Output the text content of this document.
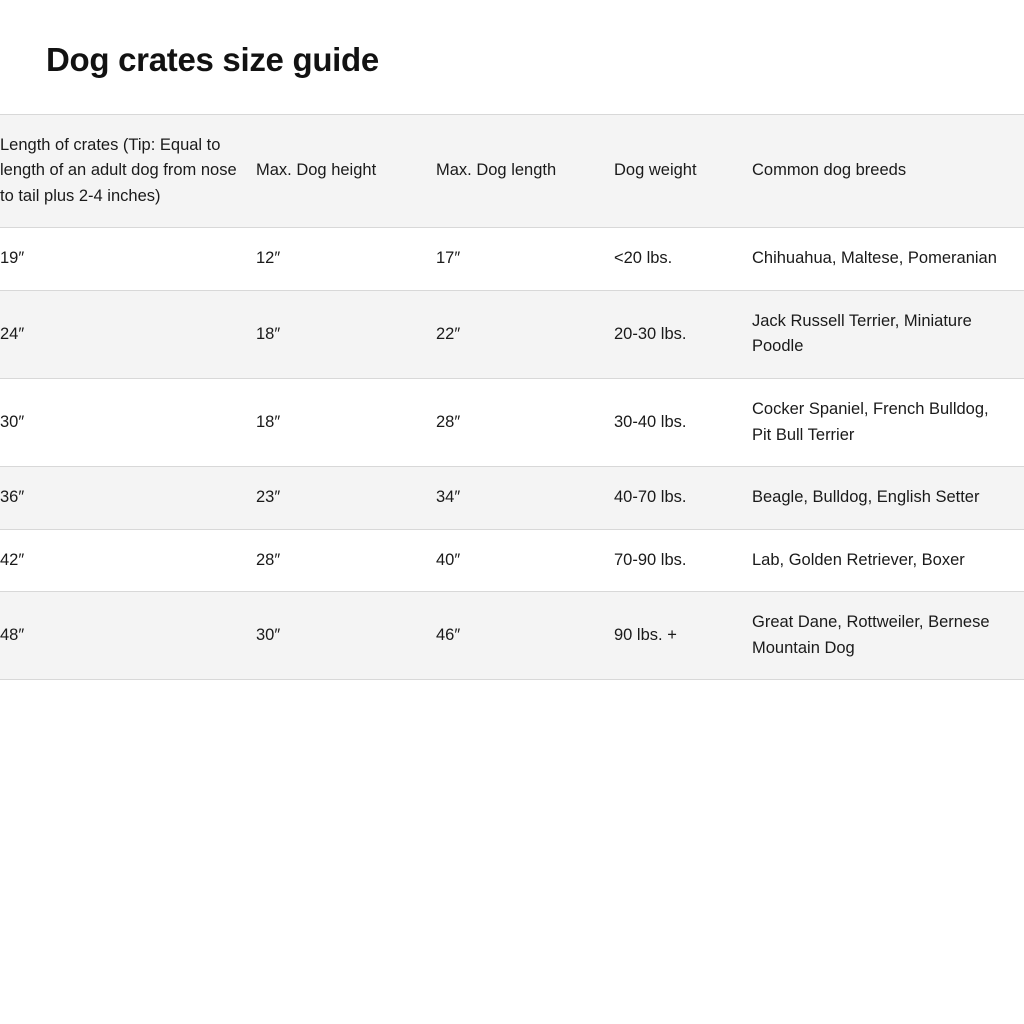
Dog crates size guide
Length of crates (Tip: Equal to length of an adult dog from nose to tail plus 2-4 inches)	Max. Dog height	Max. Dog length	Dog weight	Common dog breeds
19″	12″	17″	<20 lbs.	Chihuahua, Maltese, Pomeranian
24″	18″	22″	20-30 lbs.	Jack Russell Terrier, Miniature Poodle
30″	18″	28″	30-40 lbs.	Cocker Spaniel, French Bulldog, Pit Bull Terrier
36″	23″	34″	40-70 lbs.	Beagle, Bulldog, English Setter
42″	28″	40″	70-90 lbs.	Lab, Golden Retriever, Boxer
48″	30″	46″	90 lbs. +	Great Dane, Rottweiler, Bernese Mountain Dog
